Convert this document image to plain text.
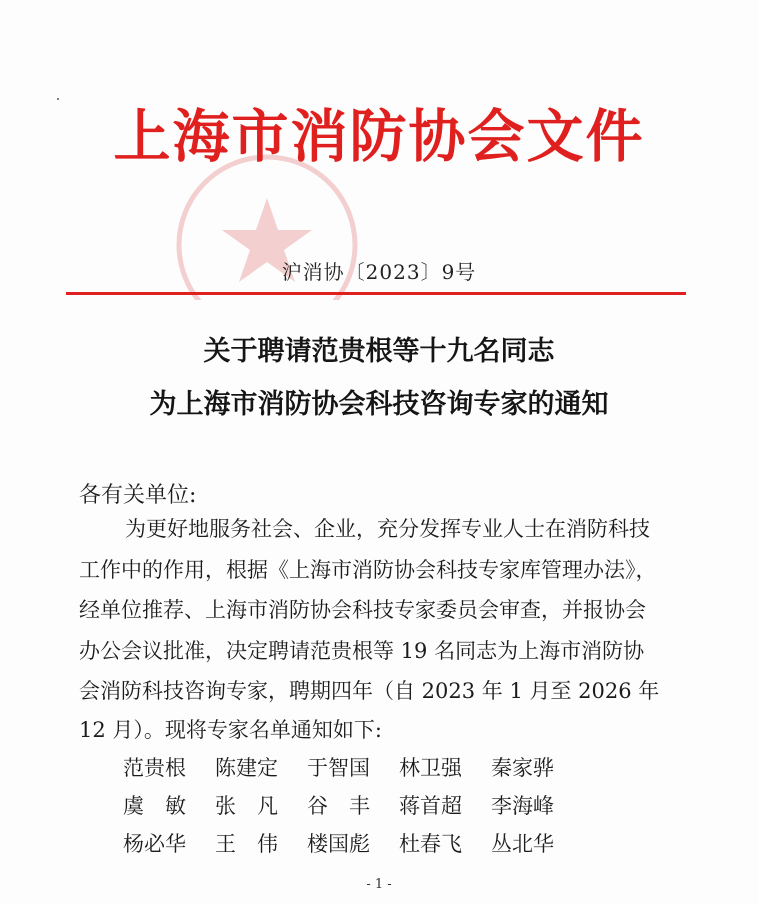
上海市消防协会文件
沪消协〔2023〕9号
关于聘请范贵根等十九名同志
为上海市消防协会科技咨询专家的通知
各有关单位:
为更好地服务社会、企业，充分发挥专业人士在消防科技
工作中的作用，根据《上海市消防协会科技专家库管理办法》，
经单位推荐、上海市消防协会科技专家委员会审查，并报协会
办公会议批准，决定聘请范贵根等 19 名同志为上海市消防协
会消防科技咨询专家，聘期四年（自 2023 年 1 月至 2026 年
12 月）。现将专家名单通知如下:
范贵根	陈建定	于智国	林卫强	秦家骅
虞　敏	张　凡	谷　丰	蒋首超	李海峰
杨必华	王　伟	楼国彪	杜春飞	丛北华
- 1 -
